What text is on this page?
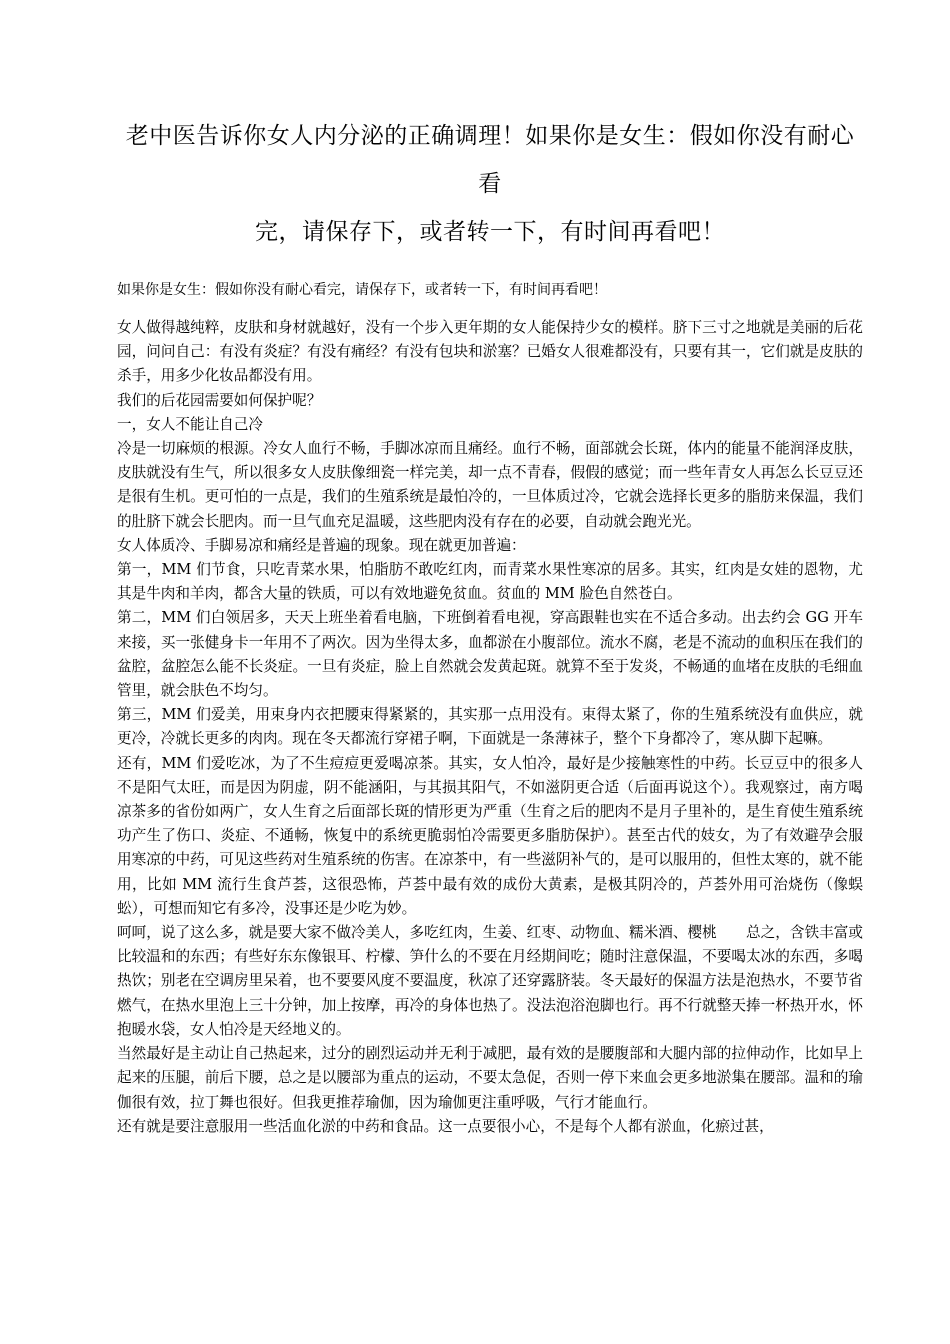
老中医告诉你女人内分泌的正确调理！如果你是女生：假如你没有耐心看
完，请保存下，或者转一下，有时间再看吧！

如果你是女生：假如你没有耐心看完，请保存下，或者转一下，有时间再看吧！

女人做得越纯粹，皮肤和身材就越好，没有一个步入更年期的女人能保持少女的模样。脐下三寸之地就是美丽的后花园，问问自己：有没有炎症？有没有痛经？有没有包块和淤塞？已婚女人很难都没有，只要有其一，它们就是皮肤的杀手，用多少化妆品都没有用。

我们的后花园需要如何保护呢？

一，女人不能让自己冷

冷是一切麻烦的根源。冷女人血行不畅，手脚冰凉而且痛经。血行不畅，面部就会长斑，体内的能量不能润泽皮肤，皮肤就没有生气，所以很多女人皮肤像细瓷一样完美，却一点不青春，假假的感觉；而一些年青女人再怎么长豆豆还是很有生机。更可怕的一点是，我们的生殖系统是最怕冷的，一旦体质过冷，它就会选择长更多的脂肪来保温，我们的肚脐下就会长肥肉。而一旦气血充足温暖，这些肥肉没有存在的必要，自动就会跑光光。

女人体质冷、手脚易凉和痛经是普遍的现象。现在就更加普遍：

第一，MM 们节食，只吃青菜水果，怕脂肪不敢吃红肉，而青菜水果性寒凉的居多。其实，红肉是女娃的恩物，尤其是牛肉和羊肉，都含大量的铁质，可以有效地避免贫血。贫血的 MM 脸色自然苍白。

第二，MM 们白领居多，天天上班坐着看电脑，下班倒着看电视，穿高跟鞋也实在不适合多动。出去约会 GG 开车来接，买一张健身卡一年用不了两次。因为坐得太多，血都淤在小腹部位。流水不腐，老是不流动的血积压在我们的盆腔，盆腔怎么能不长炎症。一旦有炎症，脸上自然就会发黄起斑。就算不至于发炎，不畅通的血堵在皮肤的毛细血管里，就会肤色不均匀。

第三，MM 们爱美，用束身内衣把腰束得紧紧的，其实那一点用没有。束得太紧了，你的生殖系统没有血供应，就更冷，冷就长更多的肉肉。现在冬天都流行穿裙子啊，下面就是一条薄袜子，整个下身都冷了，寒从脚下起嘛。

还有，MM 们爱吃冰，为了不生痘痘更爱喝凉茶。其实，女人怕冷，最好是少接触寒性的中药。长豆豆中的很多人不是阳气太旺，而是因为阴虚，阴不能涵阳，与其损其阳气，不如滋阴更合适（后面再说这个）。我观察过，南方喝凉茶多的省份如两广，女人生育之后面部长斑的情形更为严重（生育之后的肥肉不是月子里补的，是生育使生殖系统功产生了伤口、炎症、不通畅，恢复中的系统更脆弱怕冷需要更多脂肪保护）。甚至古代的妓女，为了有效避孕会服用寒凉的中药，可见这些药对生殖系统的伤害。在凉茶中，有一些滋阴补气的，是可以服用的，但性太寒的，就不能用，比如 MM 流行生食芦荟，这很恐怖，芦荟中最有效的成份大黄素，是极其阴冷的，芦荟外用可治烧伤（像蜈蚣），可想而知它有多冷，没事还是少吃为妙。

呵呵，说了这么多，就是要大家不做冷美人，多吃红肉，生姜、红枣、动物血、糯米酒、樱桃　　总之，含铁丰富或比较温和的东西；有些好东东像银耳、柠檬、笋什么的不要在月经期间吃；随时注意保温，不要喝太冰的东西，多喝热饮；别老在空调房里呆着，也不要要风度不要温度，秋凉了还穿露脐装。冬天最好的保温方法是泡热水，不要节省燃气，在热水里泡上三十分钟，加上按摩，再冷的身体也热了。没法泡浴泡脚也行。再不行就整天捧一杯热开水，怀抱暖水袋，女人怕冷是天经地义的。

当然最好是主动让自己热起来，过分的剧烈运动并无利于减肥，最有效的是腰腹部和大腿内部的拉伸动作，比如早上起来的压腿，前后下腰，总之是以腰部为重点的运动，不要太急促，否则一停下来血会更多地淤集在腰部。温和的瑜伽很有效，拉丁舞也很好。但我更推荐瑜伽，因为瑜伽更注重呼吸，气行才能血行。

还有就是要注意服用一些活血化淤的中药和食品。这一点要很小心，不是每个人都有淤血，化瘀过甚，
